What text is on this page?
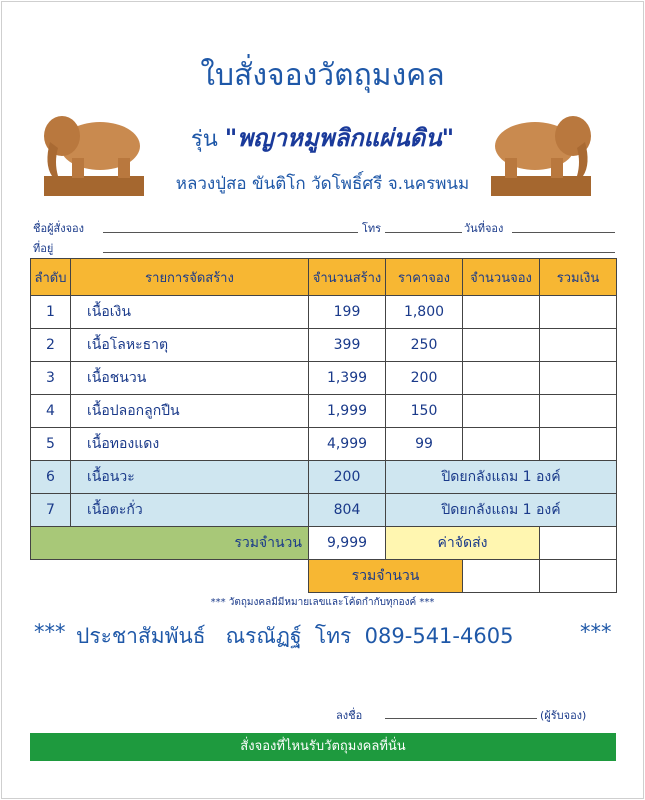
ใบสั่งจองวัตถุมงคล
รุ่น "พญาหมูพลิกแผ่นดิน"
หลวงปู่สอ ขันติโก วัดโพธิ์ศรี จ.นครพนม
ชื่อผู้สั่งจอง	โทร	วันที่จอง
ที่อยู่
ลำดับ	รายการจัดสร้าง	จำนวนสร้าง	ราคาจอง	จำนวนจอง	รวมเงิน
1	เนื้อเงิน	199	1,800		
2	เนื้อโลหะธาตุ	399	250		
3	เนื้อชนวน	1,399	200		
4	เนื้อปลอกลูกปืน	1,999	150		
5	เนื้อทองแดง	4,999	99		
6	เนื้อนวะ	200	ปิดยกลังแถม 1 องค์		
7	เนื้อตะกั่ว	804	ปิดยกลังแถม 1 องค์		
รวมจำนวน		9,999	ค่าจัดส่ง		
		รวมจำนวน			
*** วัตถุมงคลมีมีหมายเลขและโค้ดกำกับทุกองค์ ***
*** ประชาสัมพันธ์   ณรณัฏฐ์  โทร  089-541-4605	***
ลงชื่อ	(ผู้รับจอง)
สั่งจองที่ไหนรับวัตถุมงคลที่นั่น
